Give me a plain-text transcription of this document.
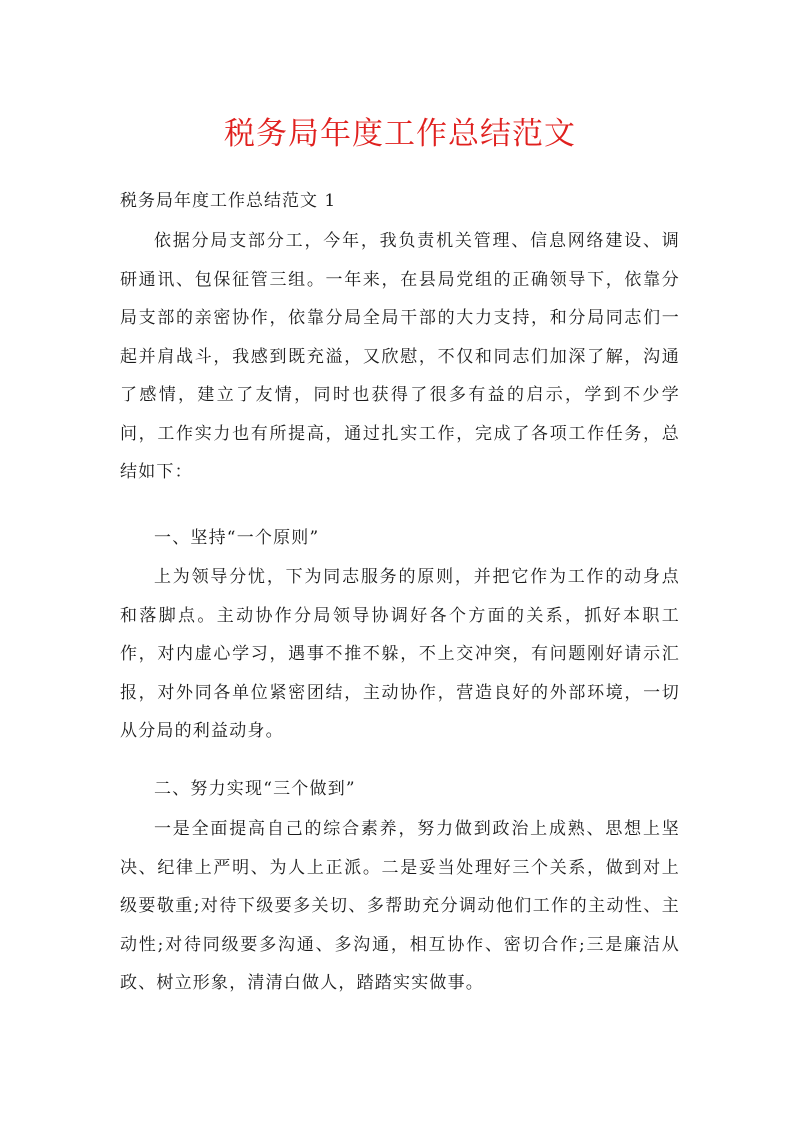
税务局年度工作总结范文

税务局年度工作总结范文 1

依据分局支部分工，今年，我负责机关管理、信息网络建设、调研通讯、包保征管三组。一年来，在县局党组的正确领导下，依靠分局支部的亲密协作，依靠分局全局干部的大力支持，和分局同志们一起并肩战斗，我感到既充溢，又欣慰，不仅和同志们加深了解，沟通了感情，建立了友情，同时也获得了很多有益的启示，学到不少学问，工作实力也有所提高，通过扎实工作，完成了各项工作任务，总结如下：

一、坚持“一个原则”

上为领导分忧，下为同志服务的原则，并把它作为工作的动身点和落脚点。主动协作分局领导协调好各个方面的关系，抓好本职工作，对内虚心学习，遇事不推不躲，不上交冲突，有问题刚好请示汇报，对外同各单位紧密团结，主动协作，营造良好的外部环境，一切从分局的利益动身。

二、努力实现“三个做到”

一是全面提高自己的综合素养，努力做到政治上成熟、思想上坚决、纪律上严明、为人上正派。二是妥当处理好三个关系，做到对上级要敬重;对待下级要多关切、多帮助充分调动他们工作的主动性、主动性;对待同级要多沟通、多沟通，相互协作、密切合作;三是廉洁从政、树立形象，清清白做人，踏踏实实做事。
